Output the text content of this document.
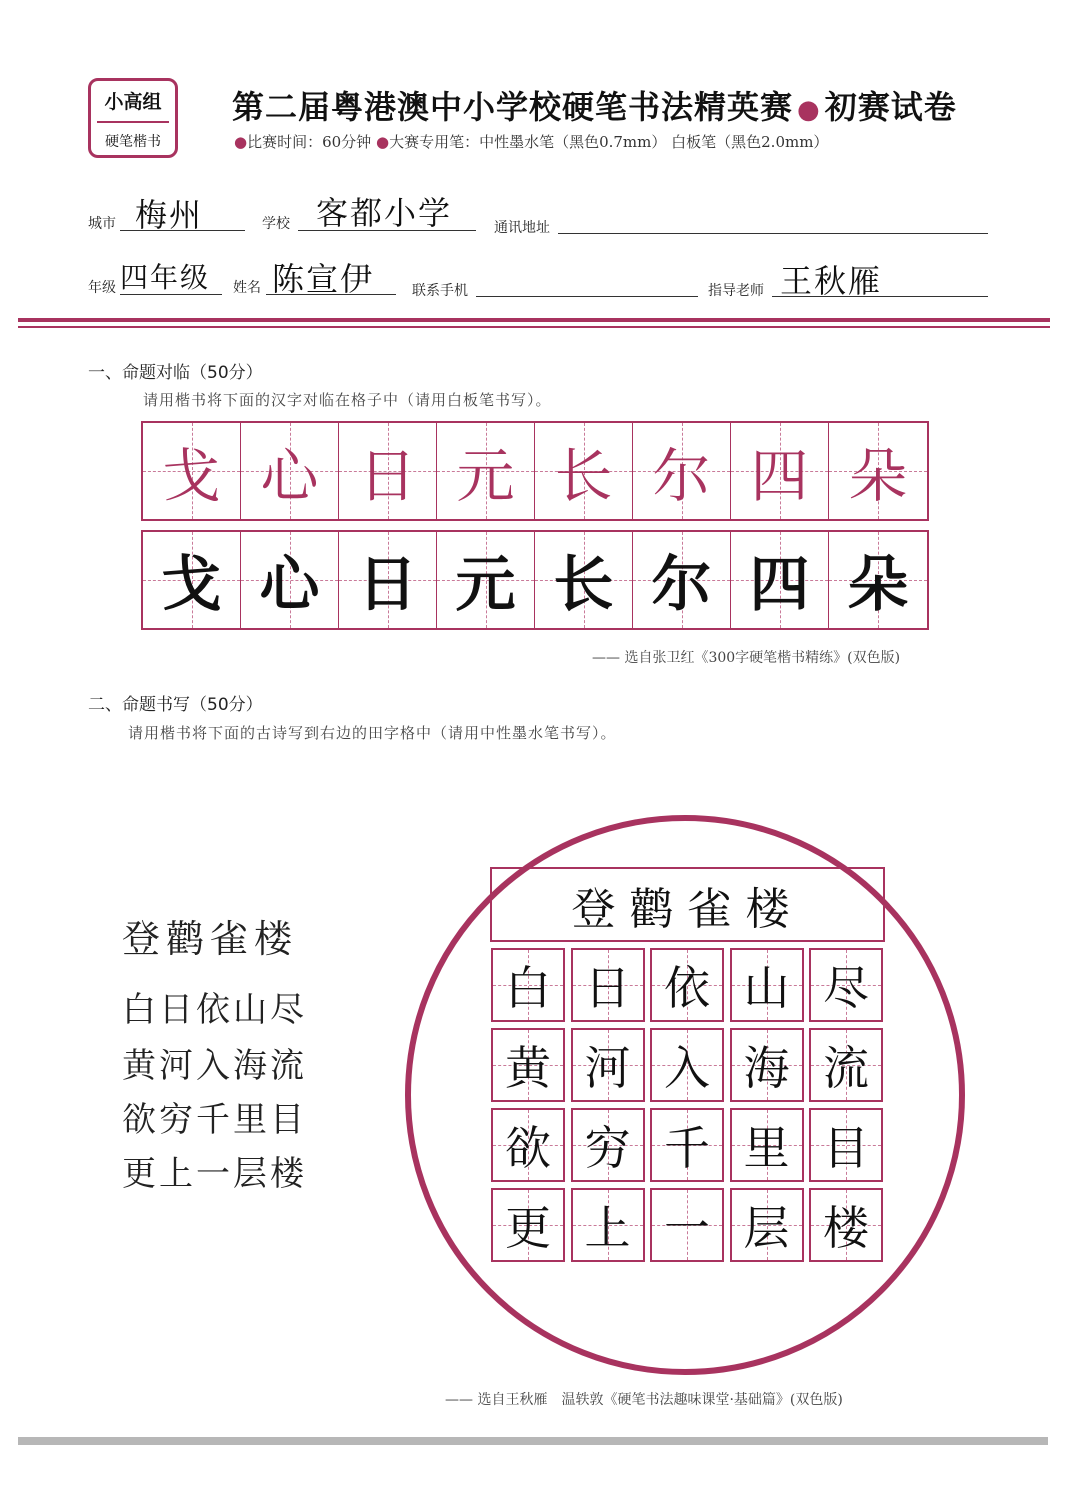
小高组
硬笔楷书
第二届粤港澳中小学校硬笔书法精英赛 ● 初赛试卷
●比赛时间：60分钟 ●大赛专用笔：中性墨水笔（黑色0.7mm） 白板笔（黑色2.0mm）
城市 梅州	学校 客都小学	通讯地址
年级 四年级 姓名 陈宣伊	联系手机	指导老师 王秋雁
一、命题对临（50分）
请用楷书将下面的汉字对临在格子中（请用白板笔书写）。
戈 心 日 元 长 尔 四 朵
戈 心 日 元 长 尔 四 朵
—— 选自张卫红《300字硬笔楷书精练》(双色版)
二、命题书写（50分）
请用楷书将下面的古诗写到右边的田字格中（请用中性墨水笔书写）。
登鹳雀楼
白日依山尽
黄河入海流
欲穷千里目
更上一层楼
登鹳雀楼
白 日 依 山 尽
黄 河 入 海 流
欲 穷 千 里 目
更 上 一 层 楼
—— 选自王秋雁　温轶敦《硬笔书法趣味课堂·基础篇》(双色版)
